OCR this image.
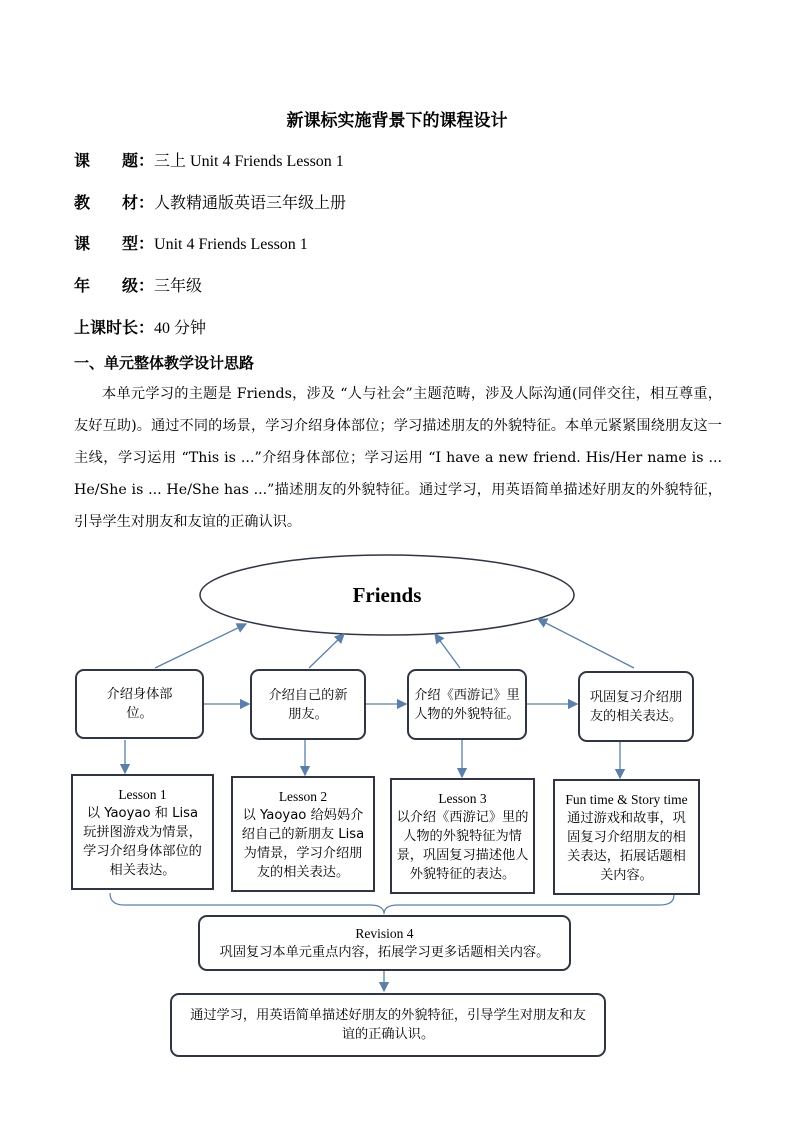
新课标实施背景下的课程设计
课　　题：三上 Unit 4 Friends Lesson 1
教　　材：人教精通版英语三年级上册
课　　型：Unit 4 Friends Lesson 1
年　　级：三年级
上课时长：40 分钟
一、单元整体教学设计思路
本单元学习的主题是 Friends，涉及 “人与社会”主题范畴，涉及人际沟通(同伴交往，相互尊重，友好互助)。通过不同的场景，学习介绍身体部位；学习描述朋友的外貌特征。本单元紧紧围绕朋友这一主线，学习运用 “This is ...”介绍身体部位；学习运用 “I have a new friend. His/Her name is ... He/She is ... He/She has ...”描述朋友的外貌特征。通过学习，用英语简单描述好朋友的外貌特征，引导学生对朋友和友谊的正确认识。
Friends
介绍身体部位。
介绍自己的新朋友。
介绍《西游记》里人物的外貌特征。
巩固复习介绍朋友的相关表达。
Lesson 1
以 Yaoyao 和 Lisa 玩拼图游戏为情景，学习介绍身体部位的相关表达。
Lesson 2
以 Yaoyao 给妈妈介绍自己的新朋友 Lisa 为情景，学习介绍朋友的相关表达。
Lesson 3
以介绍《西游记》里的人物的外貌特征为情景，巩固复习描述他人外貌特征的表达。
Fun time & Story time
通过游戏和故事，巩固复习介绍朋友的相关表达，拓展话题相关内容。
Revision 4
巩固复习本单元重点内容，拓展学习更多话题相关内容。
通过学习，用英语简单描述好朋友的外貌特征，引导学生对朋友和友谊的正确认识。
